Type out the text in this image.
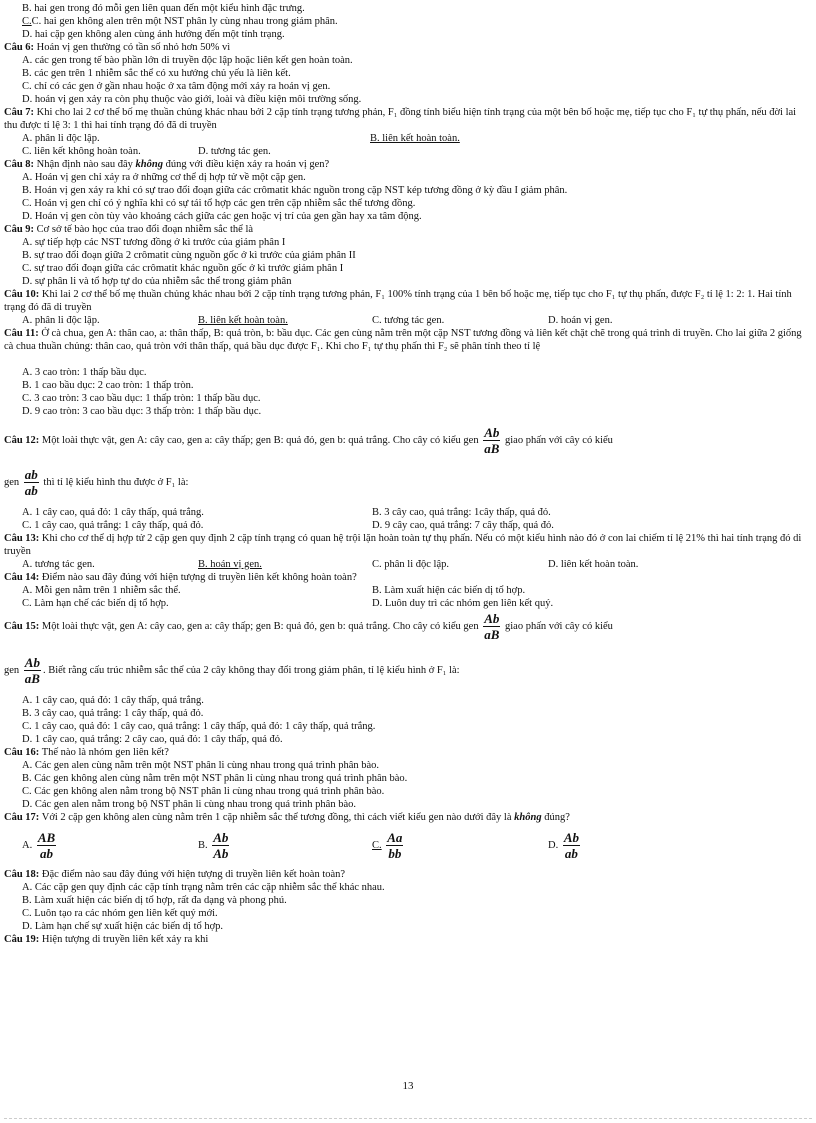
B. hai gen trong đó mỗi gen liên quan đến một kiểu hình đặc trưng.
C.C. hai gen không alen trên một NST phân ly cùng nhau trong giảm phân.
D. hai cặp gen không alen cùng ảnh hưởng đến một tính trạng.
Câu 6: Hoán vị gen thường có tần số nhỏ hơn 50% vì
A. các gen trong tế bào phần lớn di truyền độc lập hoặc liên kết gen hoàn toàn.
B. các gen trên 1 nhiễm sắc thể có xu hướng chủ yếu là liên kết.
C. chỉ có các gen ở gần nhau hoặc ở xa tâm động mới xảy ra hoán vị gen.
D. hoán vị gen xảy ra còn phụ thuộc vào giới, loài và điều kiện môi trường sống.
Câu 7: Khi cho lai 2 cơ thể bố mẹ thuần chủng khác nhau bởi 2 cặp tính trạng tương phản, F₁ đồng tính biểu hiện tính trạng của một bên bố hoặc mẹ, tiếp tục cho F₁ tự thụ phấn, nếu đời lai thu được tỉ lệ 3: 1 thì hai tính trạng đó đã di truyền
A. phân li độc lập.	B. liên kết hoàn toàn.
C. liên kết không hoàn toàn.	D. tương tác gen.
Câu 8: Nhận định nào sau đây không đúng với điều kiện xảy ra hoán vị gen?
A. Hoán vị gen chỉ xảy ra ở những cơ thể dị hợp tử về một cặp gen.
B. Hoán vị gen xảy ra khi có sự trao đổi đoạn giữa các crômatit khác nguồn trong cặp NST kép tương đồng ở kỳ đầu I giảm phân.
C. Hoán vị gen chỉ có ý nghĩa khi có sự tái tổ hợp các gen trên cặp nhiễm sắc thể tương đồng.
D. Hoán vị gen còn tùy vào khoảng cách giữa các gen hoặc vị trí của gen gần hay xa tâm động.
Câu 9: Cơ sở tế bào học của trao đổi đoạn nhiễm sắc thể là
A. sự tiếp hợp các NST tương đồng ở kì trước của giảm phân I
B. sự trao đổi đoạn giữa 2 crômatit cùng nguồn gốc ở kì trước của giảm phân II
C. sự trao đổi đoạn giữa các crômatit khác nguồn gốc ở kì trước giảm phân I
D. sự phân li và tổ hợp tự do của nhiễm sắc thể trong giảm phân
Câu 10: Khi lai 2 cơ thể bố mẹ thuần chủng khác nhau bởi 2 cặp tính trạng tương phản, F₁ 100% tính trạng của 1 bên bố hoặc mẹ, tiếp tục cho F₁ tự thụ phấn, được F₂ tỉ lệ 1: 2: 1. Hai tính trạng đó đã di truyền
A. phân li độc lập.	B. liên kết hoàn toàn.	C. tương tác gen.	D. hoán vị gen.
Câu 11: Ở cà chua, gen A: thân cao, a: thân thấp, B: quả tròn, b: bầu dục. Các gen cùng nằm trên một cặp NST tương đồng và liên kết chặt chẽ trong quá trình di truyền. Cho lai giữa 2 giống cà chua thuần chủng: thân cao, quả tròn với thân thấp, quả bầu dục được F₁. Khi cho F₁ tự thụ phấn thì F₂ sẽ phân tính theo tỉ lệ
A. 3 cao tròn: 1 thấp bầu dục.
B. 1 cao bầu dục: 2 cao tròn: 1 thấp tròn.
C. 3 cao tròn: 3 cao bầu dục: 1 thấp tròn: 1 thấp bầu dục.
D. 9 cao tròn: 3 cao bầu dục: 3 thấp tròn: 1 thấp bầu dục.
Câu 12: Một loài thực vật, gen A: cây cao, gen a: cây thấp; gen B: quả đỏ, gen b: quả trắng. Cho cây có kiểu gen $\frac{Ab}{aB}$ giao phấn với cây có kiểu
gen $\frac{ab}{ab}$ thì tỉ lệ kiểu hình thu được ở F₁ là:
A. 1 cây cao, quả đỏ: 1 cây thấp, quả trắng.	B. 3 cây cao, quả trắng: 1cây thấp, quả đỏ.
C. 1 cây cao, quả trắng: 1 cây thấp, quả đỏ.	D. 9 cây cao, quả trắng: 7 cây thấp, quả đỏ.
Câu 13: Khi cho cơ thể dị hợp tử 2 cặp gen quy định 2 cặp tính trạng có quan hệ trội lặn hoàn toàn tự thụ phấn. Nếu có một kiểu hình nào đó ở con lai chiếm tỉ lệ 21% thì hai tính trạng đó di truyền
A. tương tác gen.	B. hoán vị gen.	C. phân li độc lập.	D. liên kết hoàn toàn.
Câu 14: Điểm nào sau đây đúng với hiện tượng di truyền liên kết không hoàn toàn?
A. Mỗi gen nằm trên 1 nhiễm sắc thể.	B. Làm xuất hiện các biến dị tổ hợp.
C. Làm hạn chế các biến dị tổ hợp.	D. Luôn duy trì các nhóm gen liên kết quý.
Câu 15: Một loài thực vật, gen A: cây cao, gen a: cây thấp; gen B: quả đỏ, gen b: quả trắng. Cho cây có kiểu gen $\frac{Ab}{aB}$ giao phấn với cây có kiểu
gen $\frac{Ab}{aB}$ . Biết rằng cấu trúc nhiễm sắc thể của 2 cây không thay đổi trong giảm phân, tỉ lệ kiểu hình ở F₁ là:
A. 1 cây cao, quả đỏ: 1 cây thấp, quả trắng.
B. 3 cây cao, quả trắng: 1 cây thấp, quả đỏ.
C. 1 cây cao, quả đỏ: 1 cây cao, quả trắng: 1 cây thấp, quả đỏ: 1 cây thấp, quả trắng.
D. 1 cây cao, quả trắng: 2 cây cao, quả đỏ: 1 cây thấp, quả đỏ.
Câu 16: Thế nào là nhóm gen liên kết?
A. Các gen alen cùng nằm trên một NST phân li cùng nhau trong quá trình phân bào.
B. Các gen không alen cùng nằm trên một NST phân li cùng nhau trong quá trình phân bào.
C. Các gen không alen nằm trong bộ NST phân li cùng nhau trong quá trình phân bào.
D. Các gen alen nằm trong bộ NST phân li cùng nhau trong quá trình phân bào.
Câu 17: Với 2 cặp gen không alen cùng nằm trên 1 cặp nhiễm sắc thể tương đồng, thì cách viết kiểu gen nào dưới đây là không đúng?
A. $\frac{AB}{ab}$	B. $\frac{Ab}{Ab}$	C. $\frac{Aa}{bb}$	D. $\frac{Ab}{ab}$
Câu 18: Đặc điểm nào sau đây đúng với hiện tượng di truyền liên kết hoàn toàn?
A. Các cặp gen quy định các cặp tính trạng nằm trên các cặp nhiễm sắc thể khác nhau.
B. Làm xuất hiện các biến dị tổ hợp, rất đa dạng và phong phú.
C. Luôn tạo ra các nhóm gen liên kết quý mới.
D. Làm hạn chế sự xuất hiện các biến dị tổ hợp.
Câu 19: Hiện tượng di truyền liên kết xảy ra khi
13
